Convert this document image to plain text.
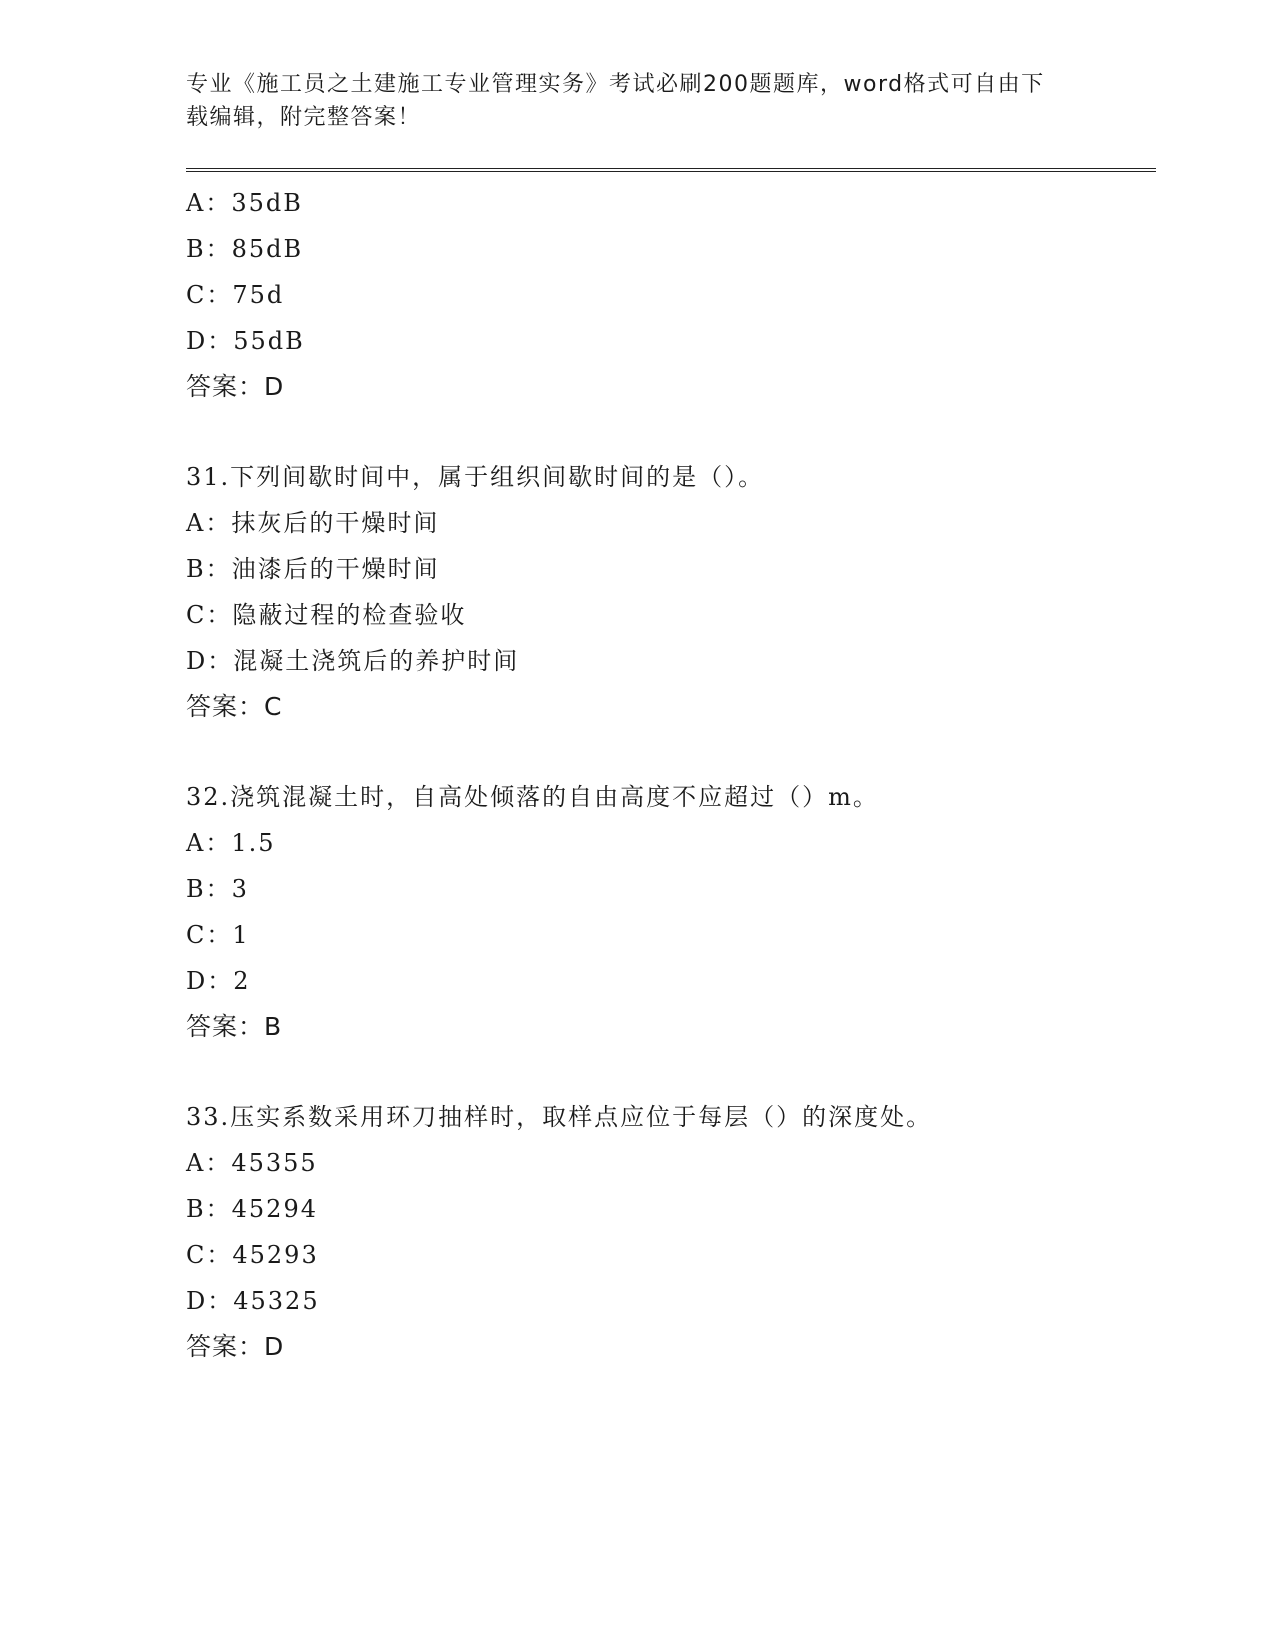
专业《施工员之土建施工专业管理实务》考试必刷200题题库，word格式可自由下载编辑，附完整答案！
A：35dB
B：85dB
C：75d
D：55dB
答案：D
31.下列间歇时间中，属于组织间歇时间的是（）。
A：抹灰后的干燥时间
B：油漆后的干燥时间
C：隐蔽过程的检查验收
D：混凝土浇筑后的养护时间
答案：C
32.浇筑混凝土时，自高处倾落的自由高度不应超过（）m。
A：1.5
B：3
C：1
D：2
答案：B
33.压实系数采用环刀抽样时，取样点应位于每层（）的深度处。
A：45355
B：45294
C：45293
D：45325
答案：D
